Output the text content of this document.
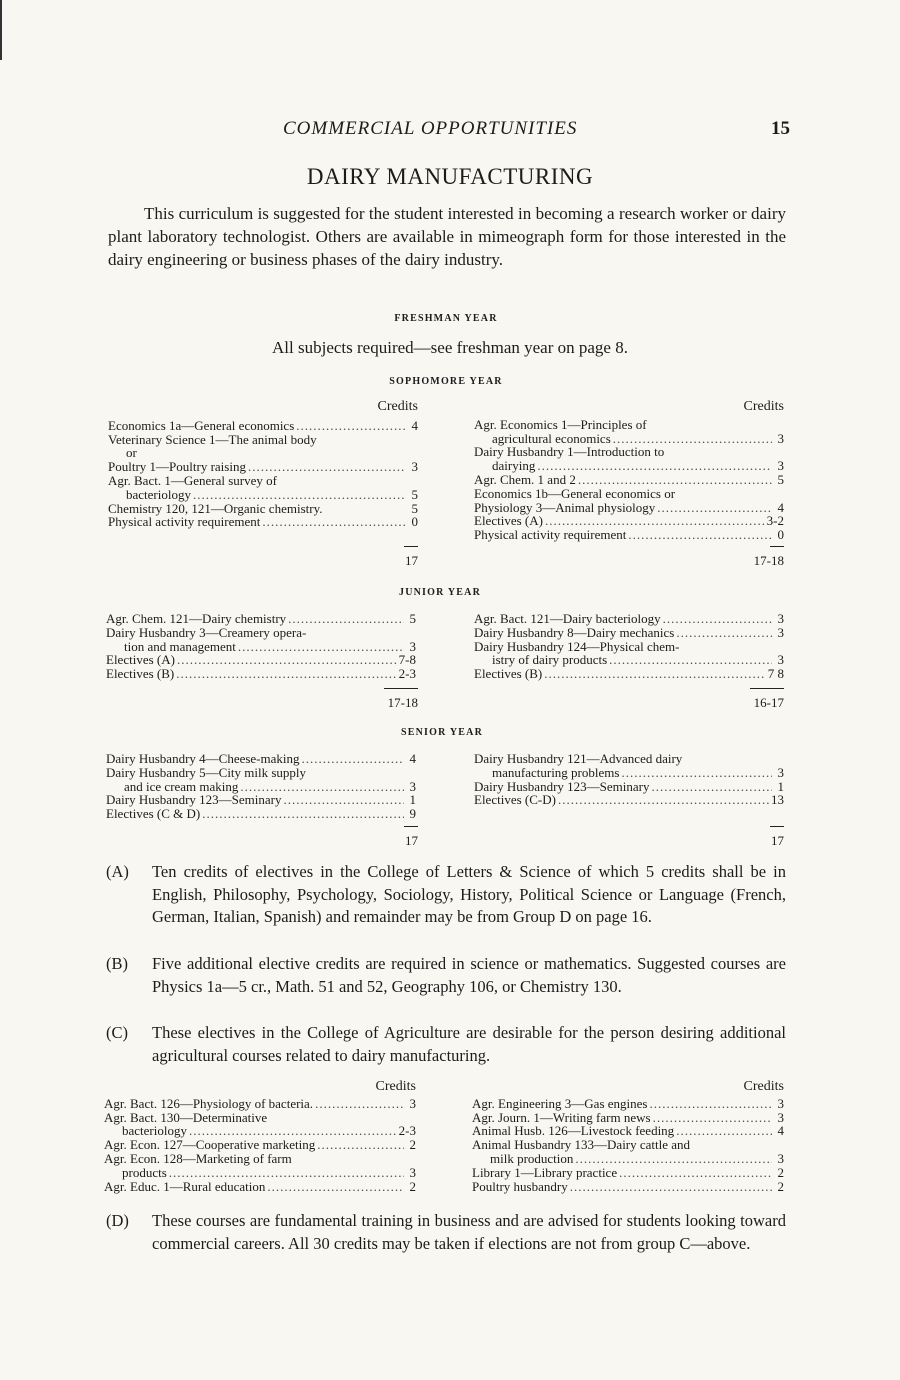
COMMERCIAL OPPORTUNITIES	15
DAIRY MANUFACTURING
This curriculum is suggested for the student interested in becoming a research worker or dairy plant laboratory technologist. Others are available in mimeograph form for those interested in the dairy engineering or business phases of the dairy industry.
FRESHMAN YEAR
All subjects required—see freshman year on page 8.
SOPHOMORE YEAR
Credits
Economics 1a—General economics .....	4
Veterinary Science 1—The animal body
or
Poultry 1—Poultry raising .....	3
Agr. Bact. 1—General survey of
bacteriology .....	5
Chemistry 120, 121—Organic chemistry.	5
Physical activity requirement .....	0
17
Credits
Agr. Economics 1—Principles of
agricultural economics .....	3
Dairy Husbandry 1—Introduction to
dairying .....	3
Agr. Chem. 1 and 2 .....	5
Economics 1b—General economics or
Physiology 3—Animal physiology .....	4
Electives (A) .....	3-2
Physical activity requirement .....	0
17-18
JUNIOR YEAR
Agr. Chem. 121—Dairy chemistry .....	5
Dairy Husbandry 3—Creamery opera-
tion and management .....	3
Electives (A) .....	7-8
Electives (B) .....	2-3
17-18
Agr. Bact. 121—Dairy bacteriology .....	3
Dairy Husbandry 8—Dairy mechanics .....	3
Dairy Husbandry 124—Physical chem-
istry of dairy products .....	3
Electives (B) .....	7 8
16-17
SENIOR YEAR
Dairy Husbandry 4—Cheese-making .....	4
Dairy Husbandry 5—City milk supply
and ice cream making .....	3
Dairy Husbandry 123—Seminary .....	1
Electives (C & D) .....	9
17
Dairy Husbandry 121—Advanced dairy
manufacturing problems .....	3
Dairy Husbandry 123—Seminary .....	1
Electives (C-D) .....	13
17
(A) Ten credits of electives in the College of Letters & Science of which 5 credits shall be in English, Philosophy, Psychology, Sociology, History, Political Science or Language (French, German, Italian, Spanish) and remainder may be from Group D on page 16.
(B) Five additional elective credits are required in science or mathematics. Suggested courses are Physics 1a—5 cr., Math. 51 and 52, Geography 106, or Chemistry 130.
(C) These electives in the College of Agriculture are desirable for the person desiring additional agricultural courses related to dairy manufacturing.
Credits
Agr. Bact. 126—Physiology of bacteria. .....	3
Agr. Bact. 130—Determinative
bacteriology .....	2-3
Agr. Econ. 127—Cooperative marketing .....	2
Agr. Econ. 128—Marketing of farm
products .....	3
Agr. Educ. 1—Rural education .....	2
Credits
Agr. Engineering 3—Gas engines .....	3
Agr. Journ. 1—Writing farm news .....	3
Animal Husb. 126—Livestock feeding .....	4
Animal Husbandry 133—Dairy cattle and
milk production .....	3
Library 1—Library practice .....	2
Poultry husbandry .....	2
(D) These courses are fundamental training in business and are advised for students looking toward commercial careers. All 30 credits may be taken if elections are not from group C—above.
